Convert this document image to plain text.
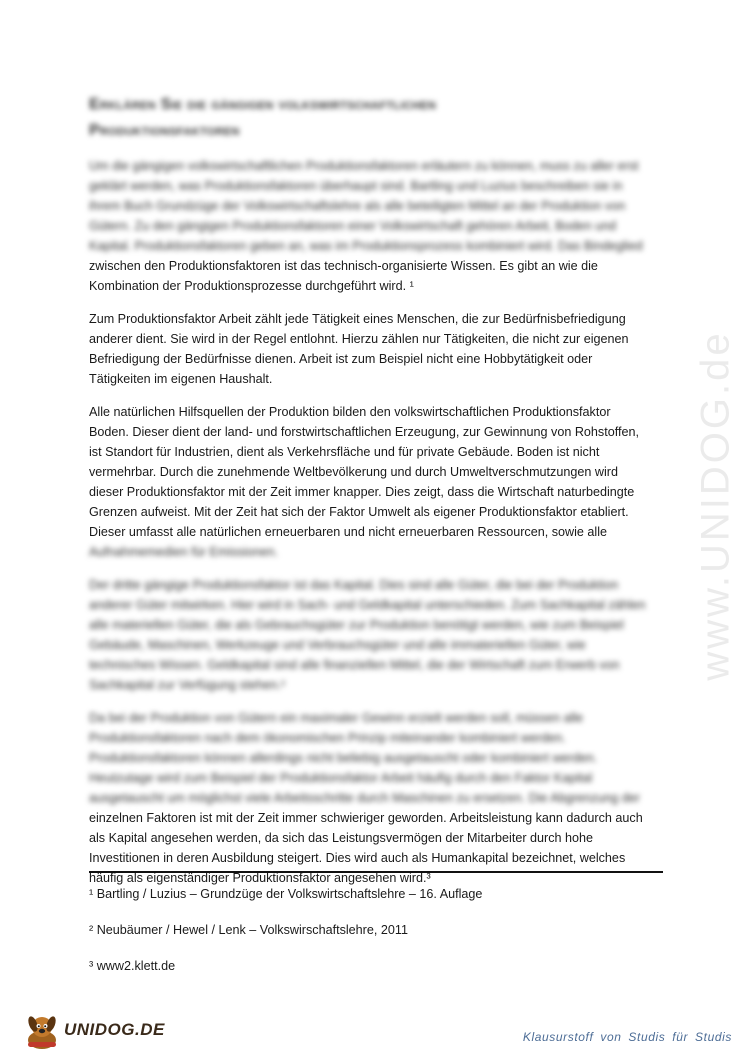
www.UNIDOG.de
Erklären Sie die gängigen volkswirtschaftlichen
Produktionsfaktoren
Um die gängigen volkswirtschaftlichen Produktionsfaktoren erläutern zu können, muss zu aller erst
geklärt werden, was Produktionsfaktoren überhaupt sind. Bartling und Luzius beschreiben sie in
ihrem Buch Grundzüge der Volkswirtschaftslehre als alle beteiligten Mittel an der Produktion von
Gütern. Zu den gängigen Produktionsfaktoren einer Volkswirtschaft gehören Arbeit, Boden und
Kapital. Produktionsfaktoren geben an, was im Produktionsprozess kombiniert wird. Das Bindeglied
zwischen den Produktionsfaktoren ist das technisch-organisierte Wissen. Es gibt an wie die
Kombination der Produktionsprozesse durchgeführt wird. ¹
Zum Produktionsfaktor Arbeit zählt jede Tätigkeit eines Menschen, die zur Bedürfnisbefriedigung
anderer dient. Sie wird in der Regel entlohnt. Hierzu zählen nur Tätigkeiten, die nicht zur eigenen
Befriedigung der Bedürfnisse dienen. Arbeit ist zum Beispiel nicht eine Hobbytätigkeit oder
Tätigkeiten im eigenen Haushalt.
Alle natürlichen Hilfsquellen der Produktion bilden den volkswirtschaftlichen Produktionsfaktor
Boden. Dieser dient der land- und forstwirtschaftlichen Erzeugung, zur Gewinnung von Rohstoffen,
ist Standort für Industrien, dient als Verkehrsfläche und für private Gebäude. Boden ist nicht
vermehrbar. Durch die zunehmende Weltbevölkerung und durch Umweltverschmutzungen wird
dieser Produktionsfaktor mit der Zeit immer knapper. Dies zeigt, dass die Wirtschaft naturbedingte
Grenzen aufweist. Mit der Zeit hat sich der Faktor Umwelt als eigener Produktionsfaktor etabliert.
Dieser umfasst alle natürlichen erneuerbaren und nicht erneuerbaren Ressourcen, sowie alle
Aufnahmemedien für Emissionen.
Der dritte gängige Produktionsfaktor ist das Kapital. Dies sind alle Güter, die bei der Produktion
anderer Güter mitwirken. Hier wird in Sach- und Geldkapital unterschieden. Zum Sachkapital zählen
alle materiellen Güter, die als Gebrauchsgüter zur Produktion benötigt werden, wie zum Beispiel
Gebäude, Maschinen, Werkzeuge und Verbrauchsgüter und alle immateriellen Güter, wie
technisches Wissen. Geldkapital sind alle finanziellen Mittel, die der Wirtschaft zum Erwerb von
Sachkapital zur Verfügung stehen.²
Da bei der Produktion von Gütern ein maximaler Gewinn erzielt werden soll, müssen alle
Produktionsfaktoren nach dem ökonomischen Prinzip miteinander kombiniert werden.
Produktionsfaktoren können allerdings nicht beliebig ausgetauscht oder kombiniert werden.
Heutzutage wird zum Beispiel der Produktionsfaktor Arbeit häufig durch den Faktor Kapital
ausgetauscht um möglichst viele Arbeitsschritte durch Maschinen zu ersetzen. Die Abgrenzung der
einzelnen Faktoren ist mit der Zeit immer schwieriger geworden. Arbeitsleistung kann dadurch auch
als Kapital angesehen werden, da sich das Leistungsvermögen der Mitarbeiter durch hohe
Investitionen in deren Ausbildung steigert. Dies wird auch als Humankapital bezeichnet, welches
häufig als eigenständiger Produktionsfaktor angesehen wird.³
¹ Bartling / Luzius – Grundzüge der Volkswirtschaftslehre – 16. Auflage
² Neubäumer / Hewel / Lenk – Volkswirschaftslehre, 2011
³ www2.klett.de
UNIDOG.DE	Klausurstoff von Studis für Studis
